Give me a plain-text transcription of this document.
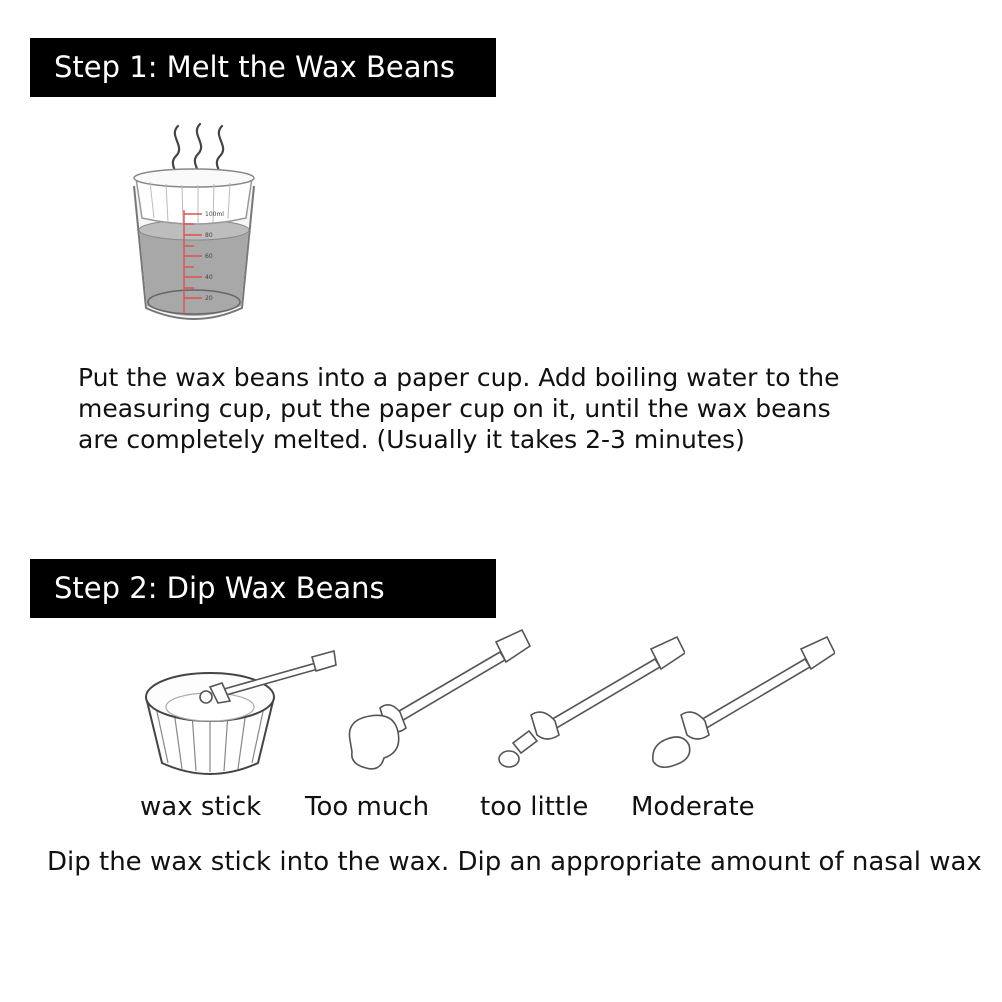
Step 1: Melt the Wax Beans
100ml
80
60
40
20
Put the wax beans into a paper cup. Add boiling water to the
measuring cup, put the paper cup on it, until the wax beans
are completely melted. (Usually it takes 2-3 minutes)
Step 2: Dip Wax Beans
wax stick Too much too little Moderate
Dip the wax stick into the wax. Dip an appropriate amount of nasal wax
